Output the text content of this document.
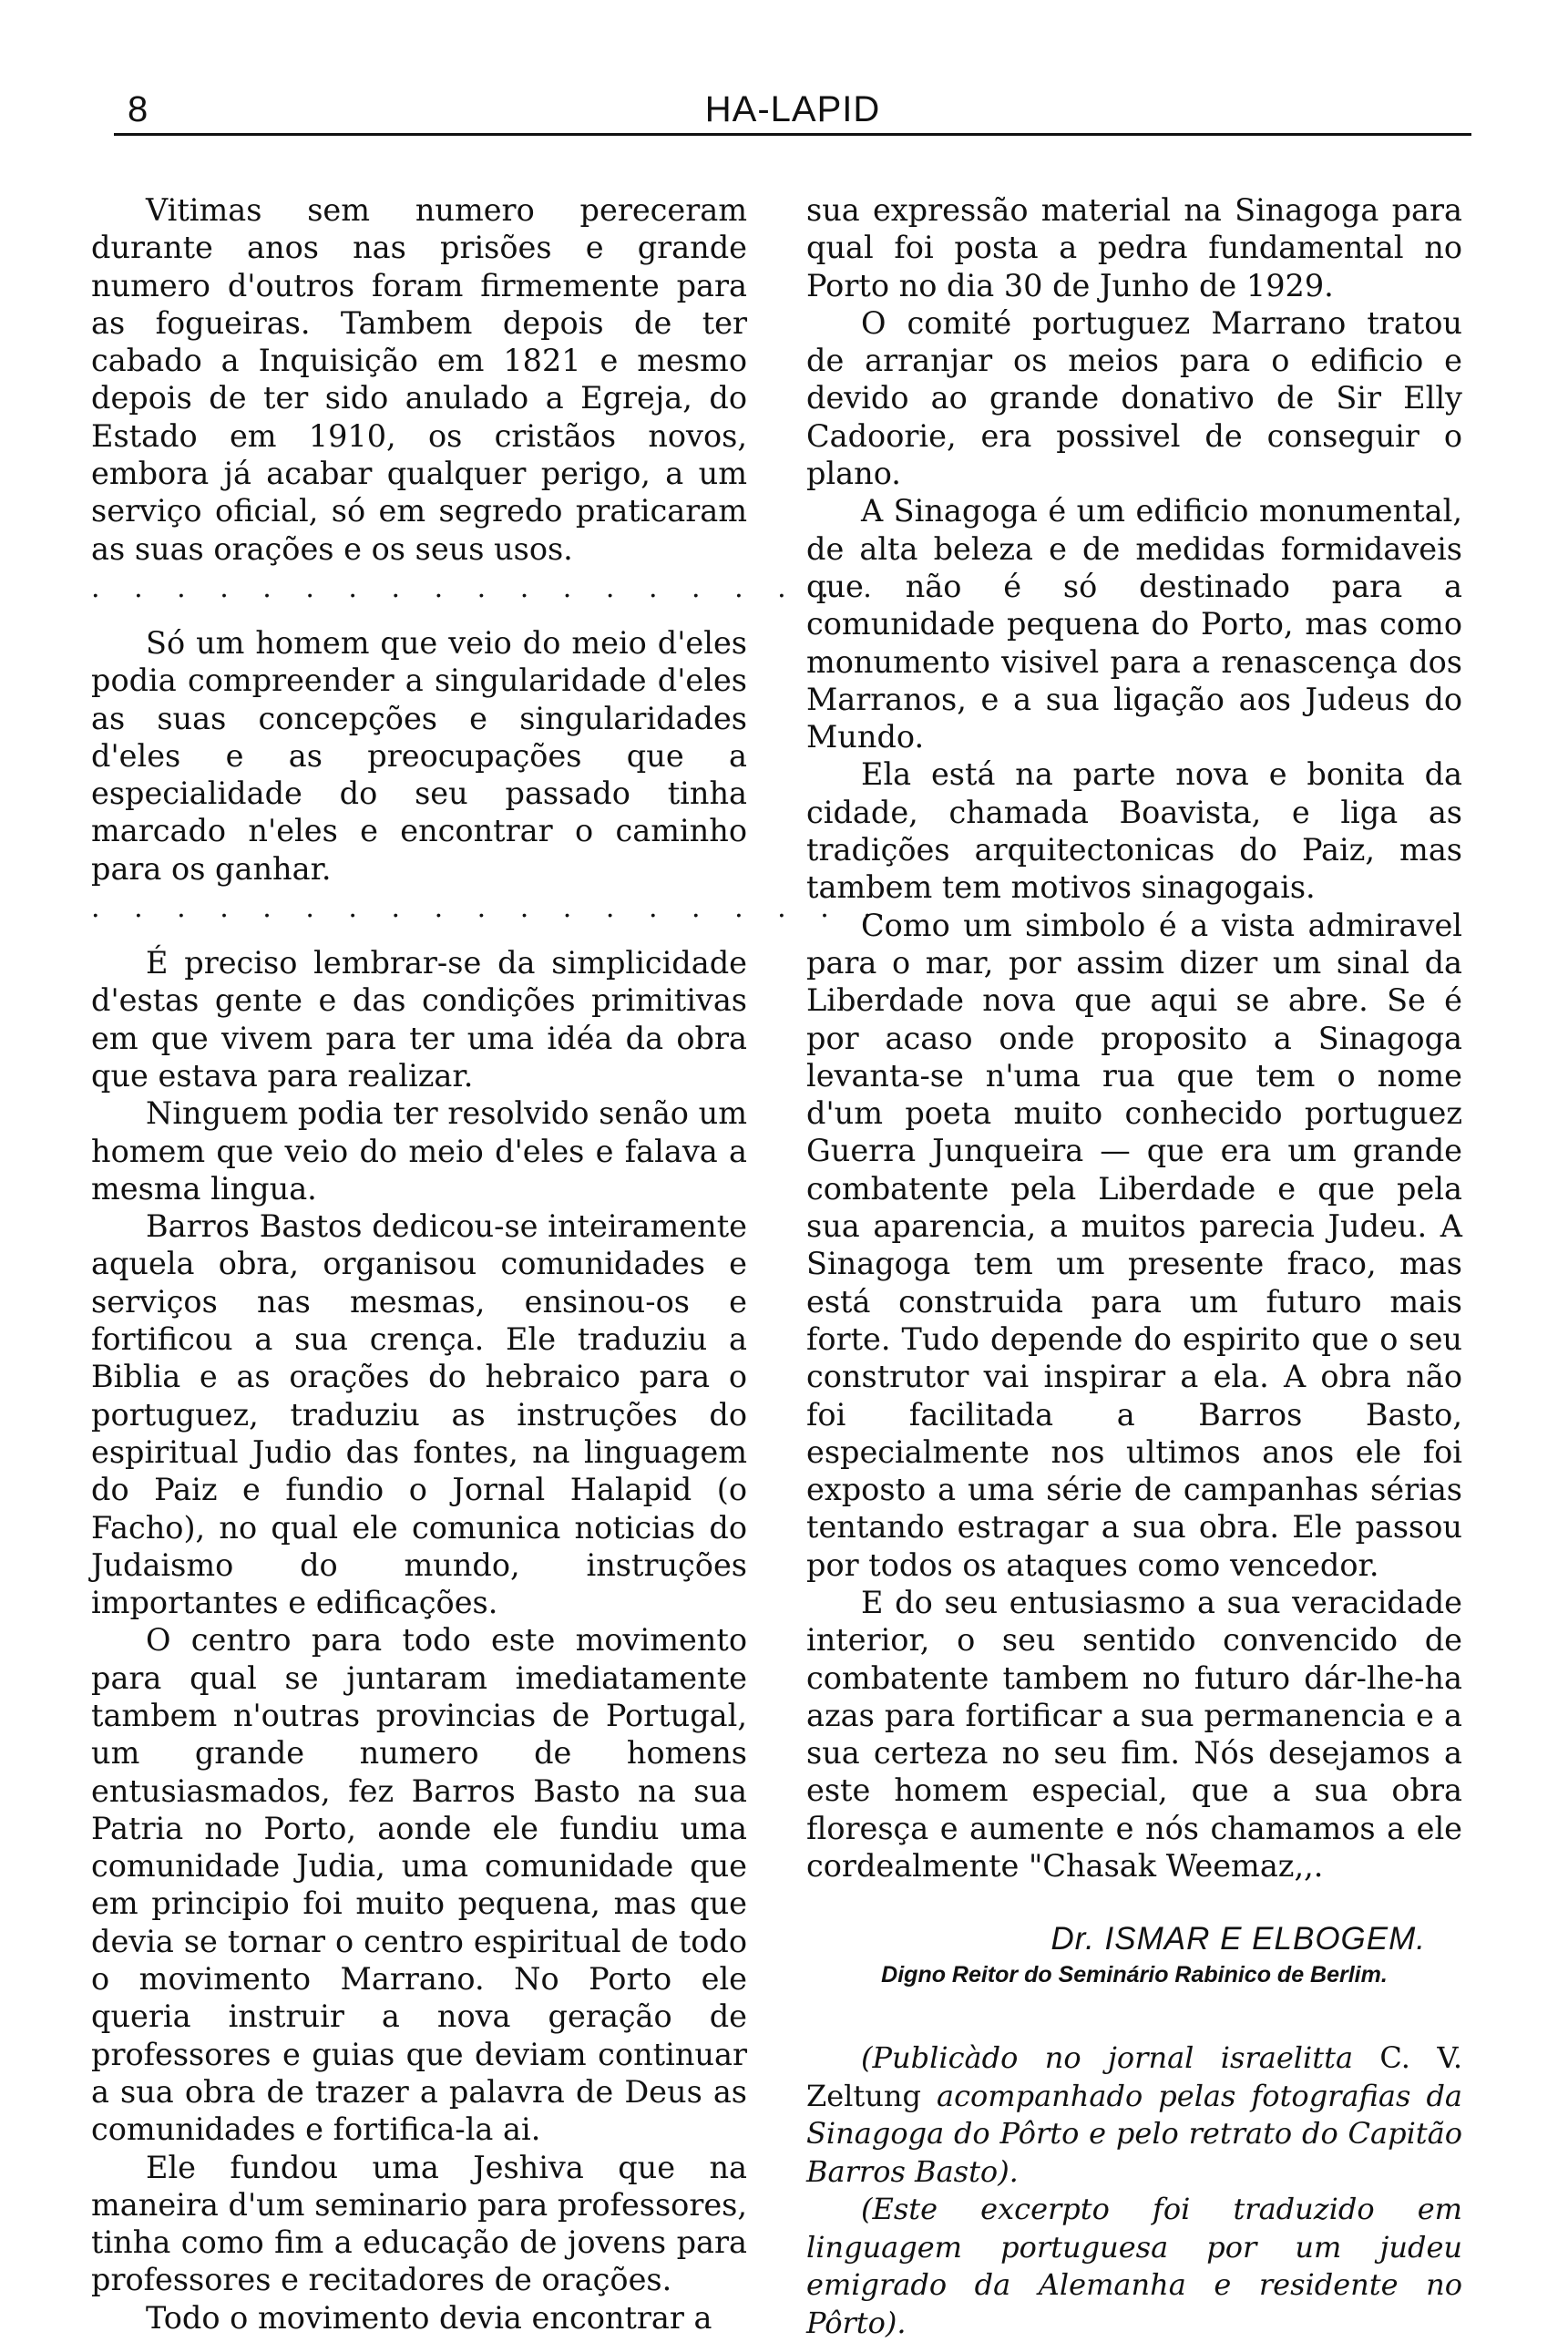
8	HA-LAPID

Vitimas sem numero pereceram durante anos nas prisões e grande numero d'outros foram firmemente para as fogueiras. Tambem depois de ter cabado a Inquisição em 1821 e mesmo depois de ter sido anulado a Egreja, do Estado em 1910, os cristãos novos, embora já acabar qualquer perigo, a um serviço oficial, só em segredo praticaram as suas orações e os seus usos.

. . . . . . . . . . . . . . . . . . .

Só um homem que veio do meio d'eles podia compreender a singularidade d'eles as suas concepções e singularidades d'eles e as preocupações que a especialidade do seu passado tinha marcado n'eles e encontrar o caminho para os ganhar.

. . . . . . . . . . . . . . . . . . .

É preciso lembrar-se da simplicidade d'estas gente e das condições primitivas em que vivem para ter uma idéa da obra que estava para realizar.

Ninguem podia ter resolvido senão um homem que veio do meio d'eles e falava a mesma lingua.

Barros Bastos dedicou-se inteiramente aquela obra, organisou comunidades e serviços nas mesmas, ensinou-os e fortificou a sua crença. Ele traduziu a Biblia e as orações do hebraico para o portuguez, traduziu as instruções do espiritual Judio das fontes, na linguagem do Paiz e fundio o Jornal Halapid (o Facho), no qual ele comunica noticias do Judaismo do mundo, instruções importantes e edificações.

O centro para todo este movimento para qual se juntaram imediatamente tambem n'outras provincias de Portugal, um grande numero de homens entusiasmados, fez Barros Basto na sua Patria no Porto, aonde ele fundiu uma comunidade Judia, uma comunidade que em principio foi muito pequena, mas que devia se tornar o centro espiritual de todo o movimento Marrano. No Porto ele queria instruir a nova geração de professores e guias que deviam continuar a sua obra de trazer a palavra de Deus as comunidades e fortifica-la ai.

Ele fundou uma Jeshiva que na maneira d'um seminario para professores, tinha como fim a educação de jovens para professores e recitadores de orações.

Todo o movimento devia encontrar a

sua expressão material na Sinagoga para qual foi posta a pedra fundamental no Porto no dia 30 de Junho de 1929.

O comité portuguez Marrano tratou de arranjar os meios para o edificio e devido ao grande donativo de Sir Elly Cadoorie, era possivel de conseguir o plano.

A Sinagoga é um edificio monumental, de alta beleza e de medidas formidaveis que não é só destinado para a comunidade pequena do Porto, mas como monumento visivel para a renascença dos Marranos, e a sua ligação aos Judeus do Mundo.

Ela está na parte nova e bonita da cidade, chamada Boavista, e liga as tradições arquitectonicas do Paiz, mas tambem tem motivos sinagogais.

Como um simbolo é a vista admiravel para o mar, por assim dizer um sinal da Liberdade nova que aqui se abre. Se é por acaso onde proposito a Sinagoga levanta-se n'uma rua que tem o nome d'um poeta muito conhecido portuguez Guerra Junqueira — que era um grande combatente pela Liberdade e que pela sua aparencia, a muitos parecia Judeu. A Sinagoga tem um presente fraco, mas está construida para um futuro mais forte. Tudo depende do espirito que o seu construtor vai inspirar a ela. A obra não foi facilitada a Barros Basto, especialmente nos ultimos anos ele foi exposto a uma série de campanhas sérias tentando estragar a sua obra. Ele passou por todos os ataques como vencedor.

E do seu entusiasmo a sua veracidade interior, o seu sentido convencido de combatente tambem no futuro dár-lhe-ha azas para fortificar a sua permanencia e a sua certeza no seu fim. Nós desejamos a este homem especial, que a sua obra floresça e aumente e nós chamamos a ele cordealmente "Chasak Weemaz,,.

Dr. ISMAR E ELBOGEM.
Digno Reitor do Seminário Rabinico de Berlim.

(Publicàdo no jornal israelitta C. V. Zeltung acompanhado pelas fotografias da Sinagoga do Pôrto e pelo retrato do Capitão Barros Basto).

(Este excerpto foi traduzido em linguagem portuguesa por um judeu emigrado da Alemanha e residente no Pôrto).
